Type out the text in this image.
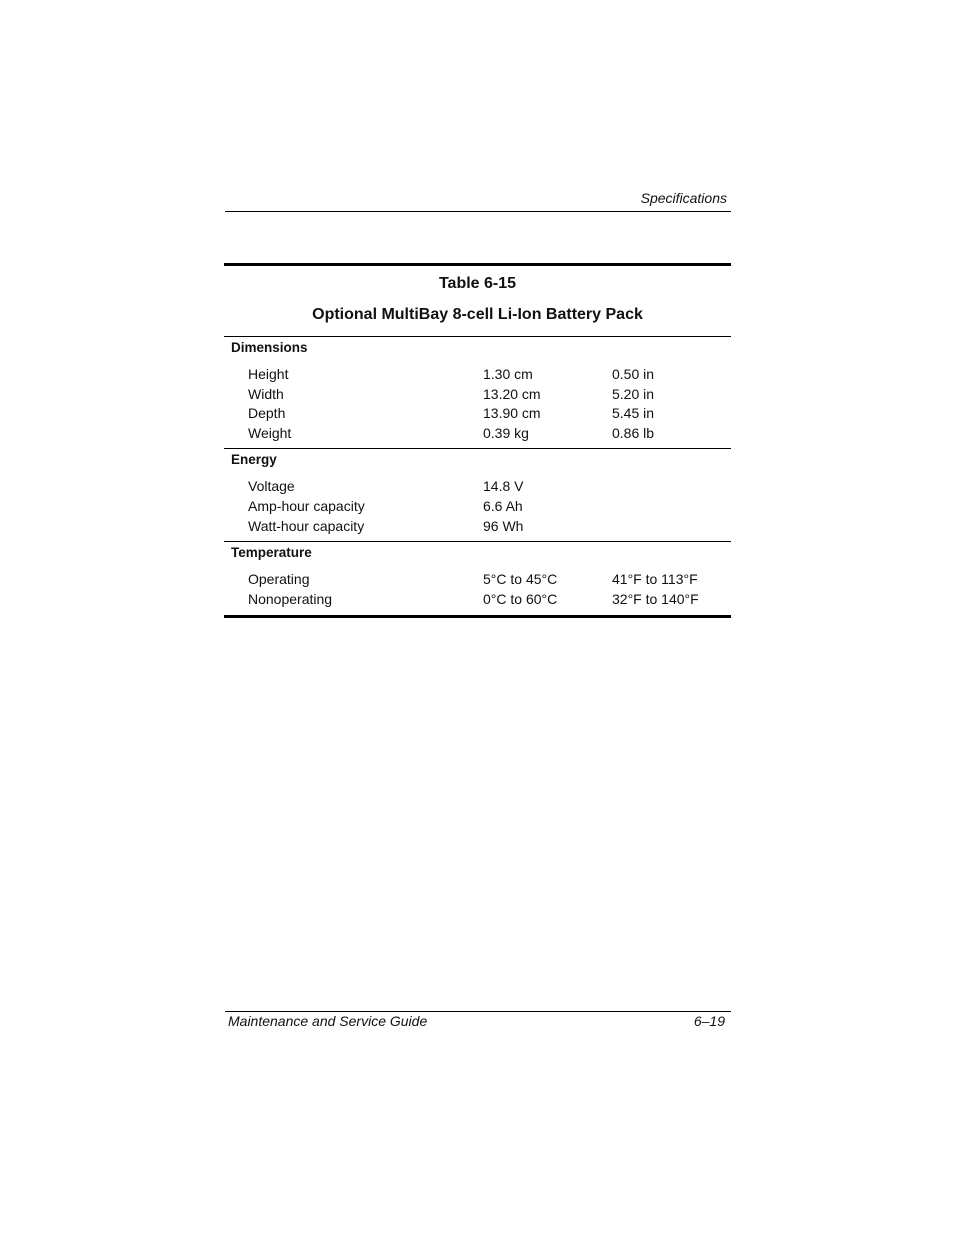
Specifications
Table 6-15
Optional MultiBay 8-cell Li-Ion Battery Pack
Dimensions
Height	1.30 cm	0.50 in
Width	13.20 cm	5.20 in
Depth	13.90 cm	5.45 in
Weight	0.39 kg	0.86 lb
Energy
Voltage	14.8 V
Amp-hour capacity	6.6 Ah
Watt-hour capacity	96 Wh
Temperature
Operating	5°C to 45°C	41°F to 113°F
Nonoperating	0°C to 60°C	32°F to 140°F
Maintenance and Service Guide	6–19
